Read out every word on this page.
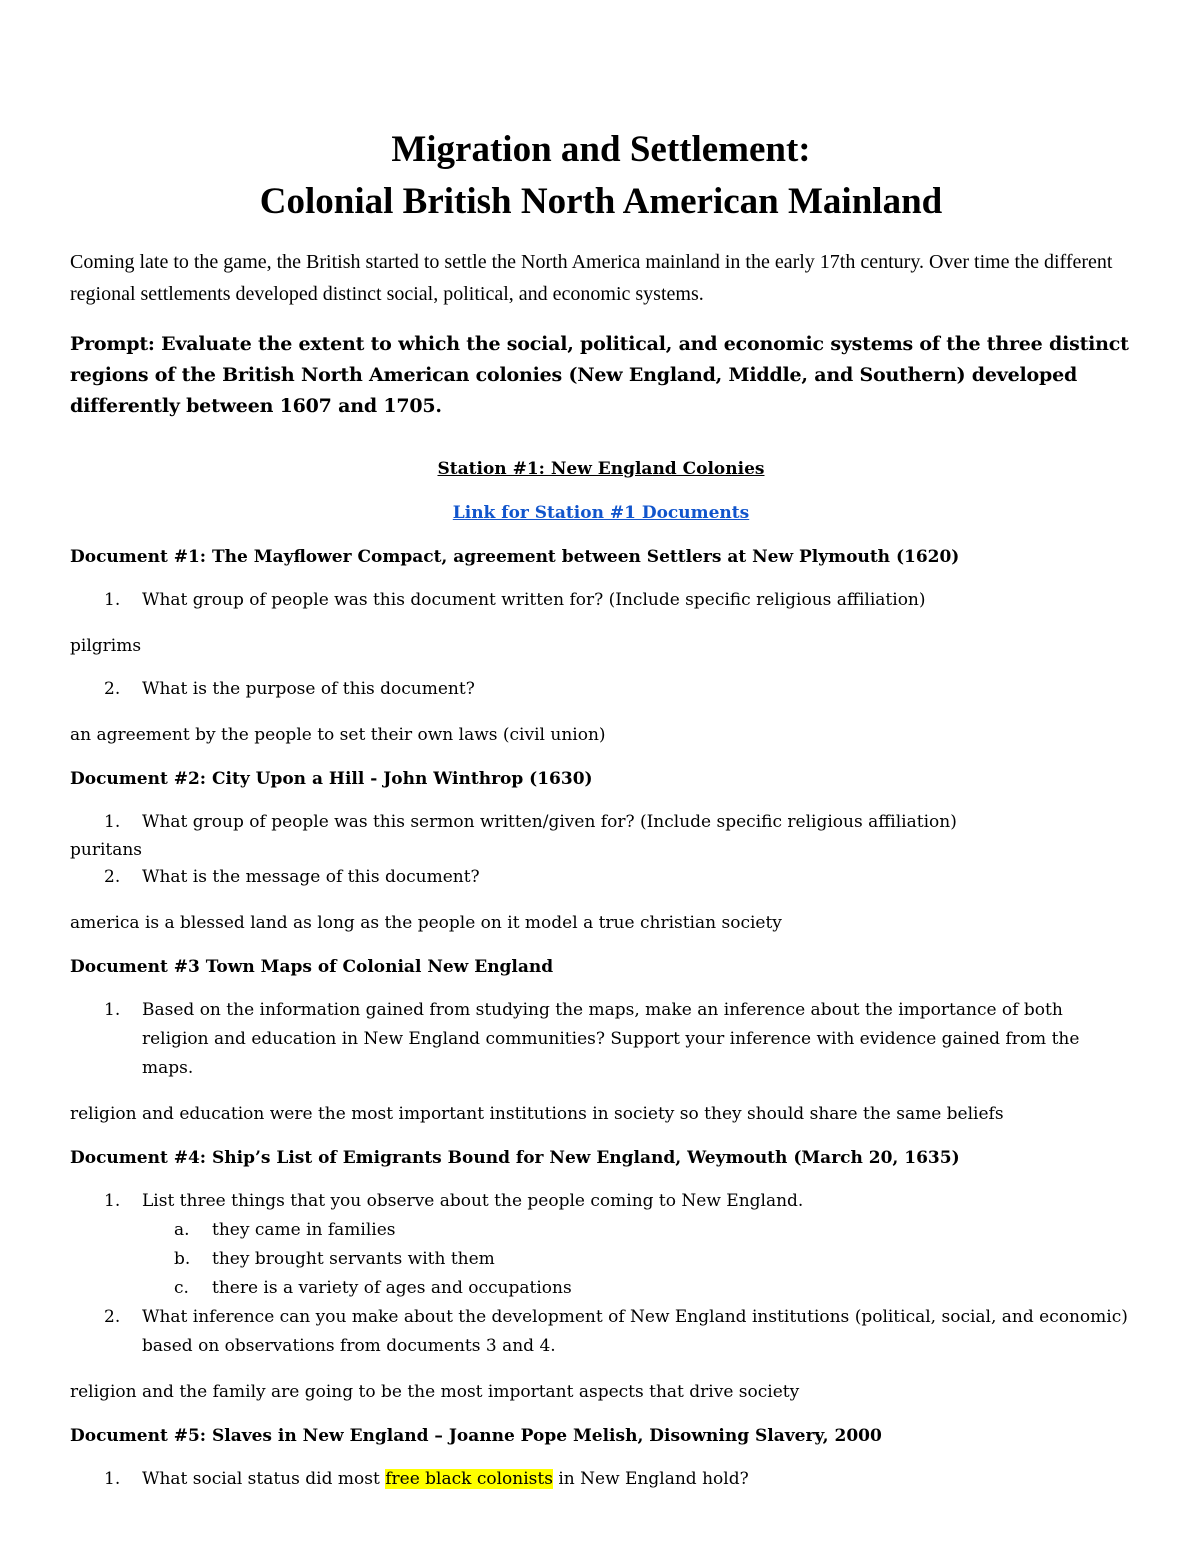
Migration and Settlement:
Colonial British North American Mainland

Coming late to the game, the British started to settle the North America mainland in the early 17th century. Over time the different regional settlements developed distinct social, political, and economic systems.

Prompt: Evaluate the extent to which the social, political, and economic systems of the three distinct regions of the British North American colonies (New England, Middle, and Southern) developed differently between 1607 and 1705.

Station #1: New England Colonies

Link for Station #1 Documents

Document #1: The Mayflower Compact, agreement between Settlers at New Plymouth (1620)

1. What group of people was this document written for? (Include specific religious affiliation)

pilgrims

2. What is the purpose of this document?

an agreement by the people to set their own laws (civil union)

Document #2: City Upon a Hill - John Winthrop (1630)

1. What group of people was this sermon written/given for? (Include specific religious affiliation)

puritans

2. What is the message of this document?

america is a blessed land as long as the people on it model a true christian society

Document #3 Town Maps of Colonial New England

1. Based on the information gained from studying the maps, make an inference about the importance of both religion and education in New England communities? Support your inference with evidence gained from the maps.

religion and education were the most important institutions in society so they should share the same beliefs

Document #4: Ship’s List of Emigrants Bound for New England, Weymouth (March 20, 1635)

1. List three things that you observe about the people coming to New England.

a. they came in families

b. they brought servants with them

c. there is a variety of ages and occupations

2. What inference can you make about the development of New England institutions (political, social, and economic) based on observations from documents 3 and 4.

religion and the family are going to be the most important aspects that drive society

Document #5: Slaves in New England – Joanne Pope Melish, Disowning Slavery, 2000

1. What social status did most free black colonists in New England hold?
